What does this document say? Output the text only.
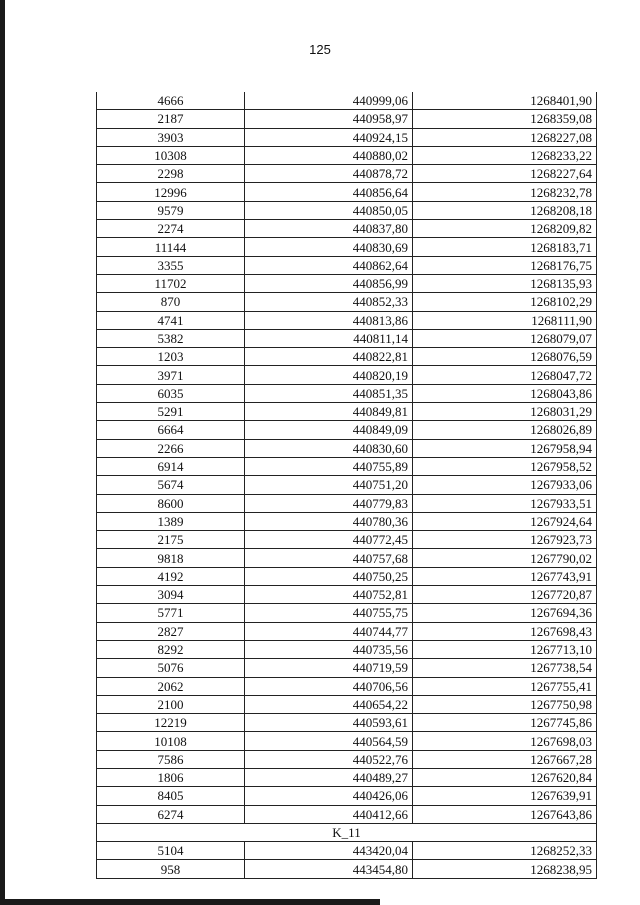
125
4666	440999,06	1268401,90
2187	440958,97	1268359,08
3903	440924,15	1268227,08
10308	440880,02	1268233,22
2298	440878,72	1268227,64
12996	440856,64	1268232,78
9579	440850,05	1268208,18
2274	440837,80	1268209,82
11144	440830,69	1268183,71
3355	440862,64	1268176,75
11702	440856,99	1268135,93
870	440852,33	1268102,29
4741	440813,86	1268111,90
5382	440811,14	1268079,07
1203	440822,81	1268076,59
3971	440820,19	1268047,72
6035	440851,35	1268043,86
5291	440849,81	1268031,29
6664	440849,09	1268026,89
2266	440830,60	1267958,94
6914	440755,89	1267958,52
5674	440751,20	1267933,06
8600	440779,83	1267933,51
1389	440780,36	1267924,64
2175	440772,45	1267923,73
9818	440757,68	1267790,02
4192	440750,25	1267743,91
3094	440752,81	1267720,87
5771	440755,75	1267694,36
2827	440744,77	1267698,43
8292	440735,56	1267713,10
5076	440719,59	1267738,54
2062	440706,56	1267755,41
2100	440654,22	1267750,98
12219	440593,61	1267745,86
10108	440564,59	1267698,03
7586	440522,76	1267667,28
1806	440489,27	1267620,84
8405	440426,06	1267639,91
6274	440412,66	1267643,86
K_11		
5104	443420,04	1268252,33
958	443454,80	1268238,95
